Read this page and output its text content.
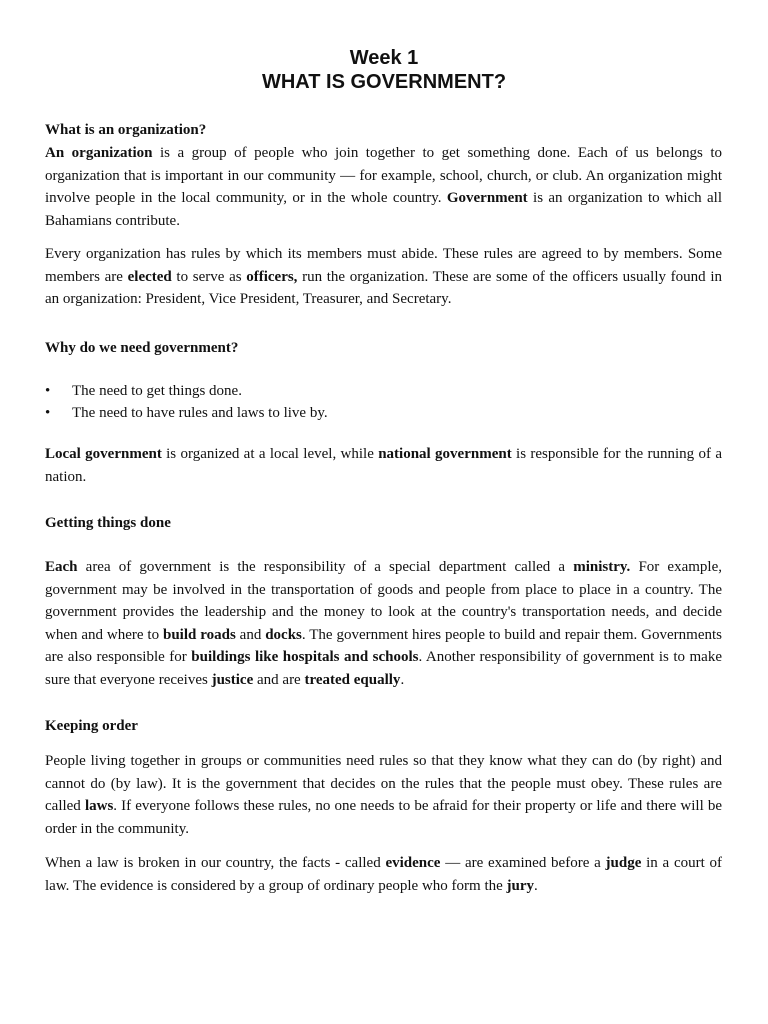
Week 1
WHAT IS GOVERNMENT?
What is an organization?

An organization is a group of people who join together to get something done. Each of us belongs to organization that is important in our community — for example, school, church, or club. An organization might involve people in the local community, or in the whole country. Government is an organization to which all Bahamians contribute.

Every organization has rules by which its members must abide. These rules are agreed to by members. Some members are elected to serve as officers, run the organization. These are some of the officers usually found in an organization: President, Vice President, Treasurer, and Secretary.

Why do we need government?
• The need to get things done.
• The need to have rules and laws to live by.

Local government is organized at a local level, while national government is responsible for the running of a nation.

Getting things done

Each area of government is the responsibility of a special department called a ministry. For example, government may be involved in the transportation of goods and people from place to place in a country. The government provides the leadership and the money to look at the country's transportation needs, and decide when and where to build roads and docks. The government hires people to build and repair them. Governments are also responsible for buildings like hospitals and schools. Another responsibility of government is to make sure that everyone receives justice and are treated equally.

Keeping order

People living together in groups or communities need rules so that they know what they can do (by right) and cannot do (by law). It is the government that decides on the rules that the people must obey. These rules are called laws. If everyone follows these rules, no one needs to be afraid for their property or life and there will be order in the community.

When a law is broken in our country, the facts - called evidence — are examined before a judge in a court of law. The evidence is considered by a group of ordinary people who form the jury.
